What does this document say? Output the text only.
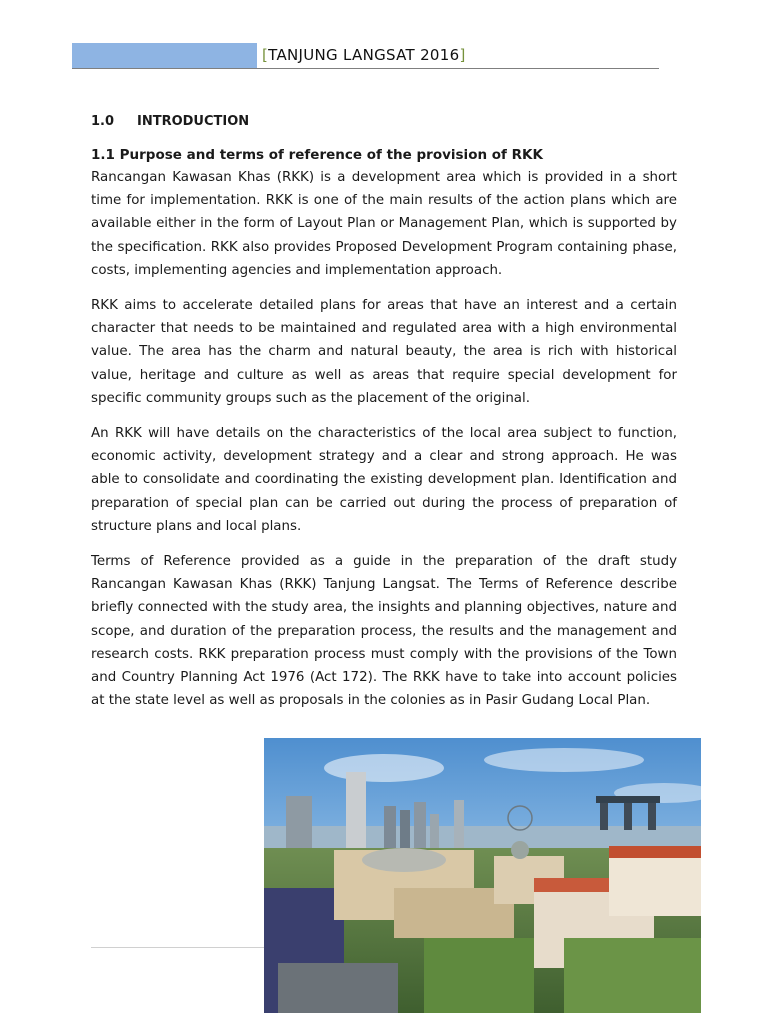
[TANJUNG LANGSAT 2016]
1.0 INTRODUCTION
1.1 Purpose and terms of reference of the provision of RKK

Rancangan Kawasan Khas (RKK) is a development area which is provided in a short time for implementation. RKK is one of the main results of the action plans which are available either in the form of Layout Plan or Management Plan, which is supported by the specification. RKK also provides Proposed Development Program containing phase, costs, implementing agencies and implementation approach.

RKK aims to accelerate detailed plans for areas that have an interest and a certain character that needs to be maintained and regulated area with a high environmental value. The area has the charm and natural beauty, the area is rich with historical value, heritage and culture as well as areas that require special development for specific community groups such as the placement of the original.

An RKK will have details on the characteristics of the local area subject to function, economic activity, development strategy and a clear and strong approach. He was able to consolidate and coordinating the existing development plan. Identification and preparation of special plan can be carried out during the process of preparation of structure plans and local plans.

Terms of Reference provided as a guide in the preparation of the draft study Rancangan Kawasan Khas (RKK) Tanjung Langsat. The Terms of Reference describe briefly connected with the study area, the insights and planning objectives, nature and scope, and duration of the preparation process, the results and the management and research costs. RKK preparation process must comply with the provisions of the Town and Country Planning Act 1976 (Act 172). The RKK have to take into account policies at the state level as well as proposals in the colonies as in Pasir Gudang Local Plan.
